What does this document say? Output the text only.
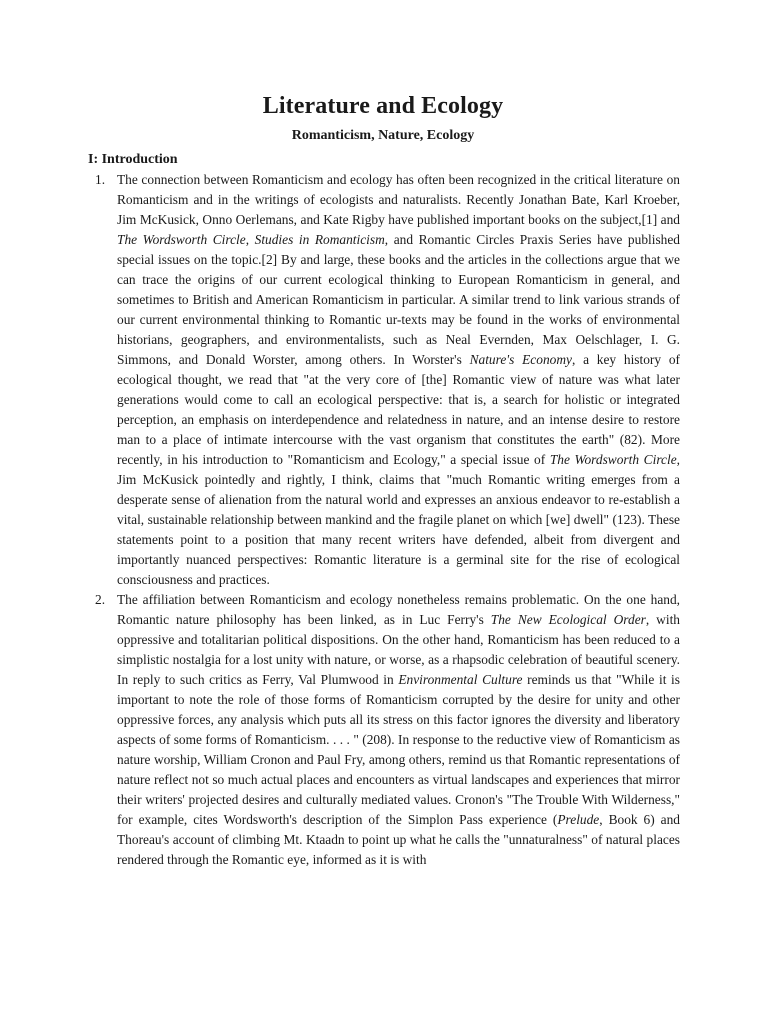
Literature and Ecology
Romanticism, Nature, Ecology
I: Introduction
1. The connection between Romanticism and ecology has often been recognized in the critical literature on Romanticism and in the writings of ecologists and naturalists. Recently Jonathan Bate, Karl Kroeber, Jim McKusick, Onno Oerlemans, and Kate Rigby have published important books on the subject,[1] and The Wordsworth Circle, Studies in Romanticism, and Romantic Circles Praxis Series have published special issues on the topic.[2] By and large, these books and the articles in the collections argue that we can trace the origins of our current ecological thinking to European Romanticism in general, and sometimes to British and American Romanticism in particular. A similar trend to link various strands of our current environmental thinking to Romantic ur-texts may be found in the works of environmental historians, geographers, and environmentalists, such as Neal Evernden, Max Oelschlager, I. G. Simmons, and Donald Worster, among others. In Worster's Nature's Economy, a key history of ecological thought, we read that "at the very core of [the] Romantic view of nature was what later generations would come to call an ecological perspective: that is, a search for holistic or integrated perception, an emphasis on interdependence and relatedness in nature, and an intense desire to restore man to a place of intimate intercourse with the vast organism that constitutes the earth" (82). More recently, in his introduction to "Romanticism and Ecology," a special issue of The Wordsworth Circle, Jim McKusick pointedly and rightly, I think, claims that "much Romantic writing emerges from a desperate sense of alienation from the natural world and expresses an anxious endeavor to re-establish a vital, sustainable relationship between mankind and the fragile planet on which [we] dwell" (123). These statements point to a position that many recent writers have defended, albeit from divergent and importantly nuanced perspectives: Romantic literature is a germinal site for the rise of ecological consciousness and practices.
2. The affiliation between Romanticism and ecology nonetheless remains problematic. On the one hand, Romantic nature philosophy has been linked, as in Luc Ferry's The New Ecological Order, with oppressive and totalitarian political dispositions. On the other hand, Romanticism has been reduced to a simplistic nostalgia for a lost unity with nature, or worse, as a rhapsodic celebration of beautiful scenery. In reply to such critics as Ferry, Val Plumwood in Environmental Culture reminds us that "While it is important to note the role of those forms of Romanticism corrupted by the desire for unity and other oppressive forces, any analysis which puts all its stress on this factor ignores the diversity and liberatory aspects of some forms of Romanticism. . . . " (208). In response to the reductive view of Romanticism as nature worship, William Cronon and Paul Fry, among others, remind us that Romantic representations of nature reflect not so much actual places and encounters as virtual landscapes and experiences that mirror their writers' projected desires and culturally mediated values. Cronon's "The Trouble With Wilderness," for example, cites Wordsworth's description of the Simplon Pass experience (Prelude, Book 6) and Thoreau's account of climbing Mt. Ktaadn to point up what he calls the "unnaturalness" of natural places rendered through the Romantic eye, informed as it is with
